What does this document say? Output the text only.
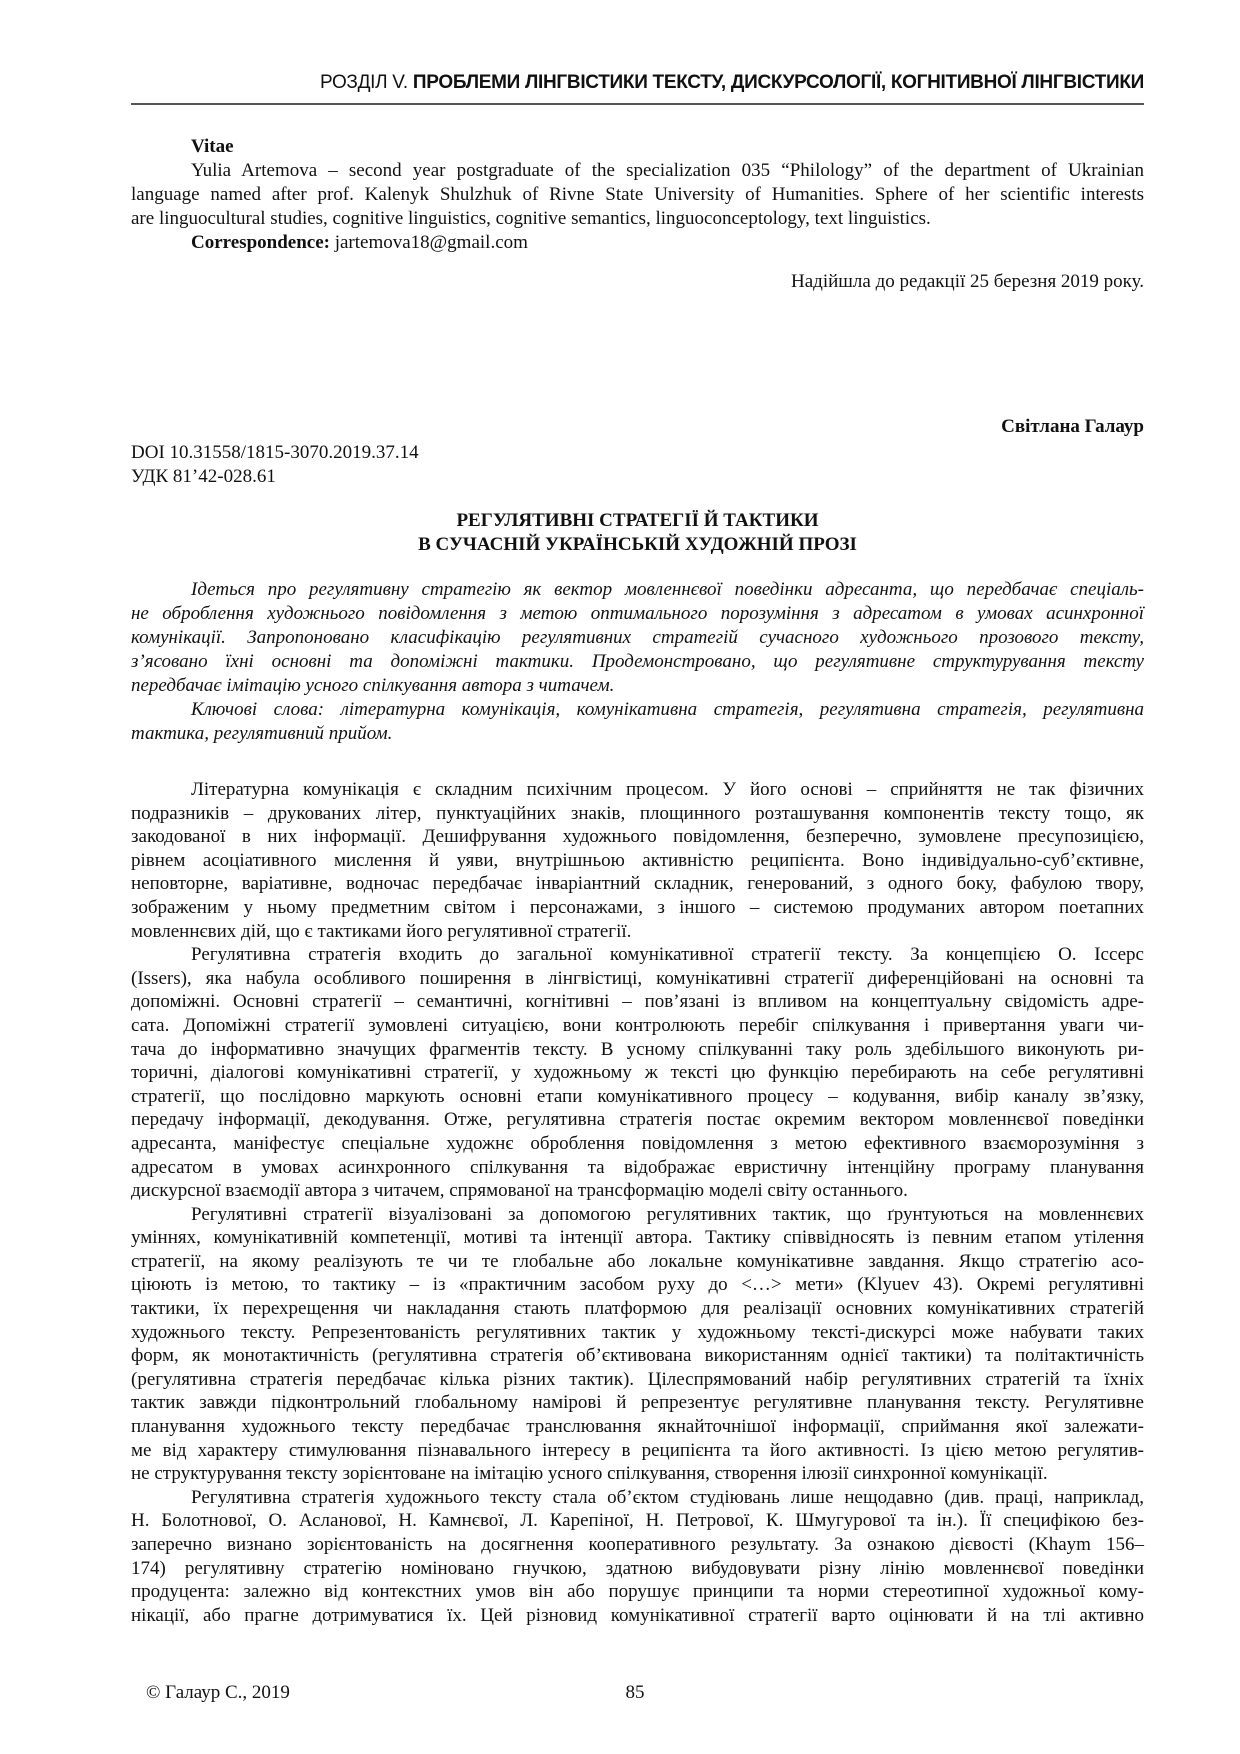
РОЗДІЛ V. ПРОБЛЕМИ ЛІНГВІСТИКИ ТЕКСТУ, ДИСКУРСОЛОГІЇ, КОГНІТИВНОЇ ЛІНГВІСТИКИ
Vitae
Yulia Artemova – second year postgraduate of the specialization 035 “Philology” of the department of Ukrainian
language named after prof. Kalenyk Shulzhuk of Rivne State University of Humanities. Sphere of her scientific interests
are linguocultural studies, cognitive linguistics, cognitive semantics, linguoconceptology, text linguistics.
Correspondence: jartemova18@gmail.com
Надійшла до редакції 25 березня 2019 року.
Світлана Галаур
DOI 10.31558/1815-3070.2019.37.14
УДК 81’42-028.61
РЕГУЛЯТИВНІ СТРАТЕГІЇ Й ТАКТИКИ
В СУЧАСНІЙ УКРАЇНСЬКІЙ ХУДОЖНІЙ ПРОЗІ
Ідеться про регулятивну стратегію як вектор мовленнєвої поведінки адресанта, що передбачає спеціаль-
не оброблення художнього повідомлення з метою оптимального порозуміння з адресатом в умовах асинхронної
комунікації. Запропоновано класифікацію регулятивних стратегій сучасного художнього прозового тексту,
з’ясовано їхні основні та допоміжні тактики. Продемонстровано, що регулятивне структурування тексту
передбачає імітацію усного спілкування автора з читачем.
Ключові слова: літературна комунікація, комунікативна стратегія, регулятивна стратегія, регулятивна
тактика, регулятивний прийом.
Літературна комунікація є складним психічним процесом. У його основі – сприйняття не так фізичних
подразників – друкованих літер, пунктуаційних знаків, площинного розташування компонентів тексту тощо, як
закодованої в них інформації. Дешифрування художнього повідомлення, безперечно, зумовлене пресупозицією,
рівнем асоціативного мислення й уяви, внутрішньою активністю реципієнта. Воно індивідуально-суб’єктивне,
неповторне, варіативне, водночас передбачає інваріантний складник, генерований, з одного боку, фабулою твору,
зображеним у ньому предметним світом і персонажами, з іншого – системою продуманих автором поетапних
мовленнєвих дій, що є тактиками його регулятивної стратегії.
Регулятивна стратегія входить до загальної комунікативної стратегії тексту. За концепцією О. Іссерс
(Issers), яка набула особливого поширення в лінгвістиці, комунікативні стратегії диференційовані на основні та
допоміжні. Основні стратегії – семантичні, когнітивні – пов’язані із впливом на концептуальну свідомість адре-
сата. Допоміжні стратегії зумовлені ситуацією, вони контролюють перебіг спілкування і привертання уваги чи-
тача до інформативно значущих фрагментів тексту. В усному спілкуванні таку роль здебільшого виконують ри-
торичні, діалогові комунікативні стратегії, у художньому ж тексті цю функцію перебирають на себе регулятивні
стратегії, що послідовно маркують основні етапи комунікативного процесу – кодування, вибір каналу зв’язку,
передачу інформації, декодування. Отже, регулятивна стратегія постає окремим вектором мовленнєвої поведінки
адресанта, маніфестує спеціальне художнє оброблення повідомлення з метою ефективного взаєморозуміння з
адресатом в умовах асинхронного спілкування та відображає евристичну інтенційну програму планування
дискурсної взаємодії автора з читачем, спрямованої на трансформацію моделі світу останнього.
Регулятивні стратегії візуалізовані за допомогою регулятивних тактик, що ґрунтуються на мовленнєвих
уміннях, комунікативній компетенції, мотиві та інтенції автора. Тактику співвідносять із певним етапом утілення
стратегії, на якому реалізують те чи те глобальне або локальне комунікативне завдання. Якщо стратегію асо-
ціюють із метою, то тактику – із «практичним засобом руху до <…> мети» (Klyuev 43). Окремі регулятивні
тактики, їх перехрещення чи накладання стають платформою для реалізації основних комунікативних стратегій
художнього тексту. Репрезентованість регулятивних тактик у художньому тексті-дискурсі може набувати таких
форм, як монотактичність (регулятивна стратегія об’єктивована використанням однієї тактики) та політактичність
(регулятивна стратегія передбачає кілька різних тактик). Цілеспрямований набір регулятивних стратегій та їхніх
тактик завжди підконтрольний глобальному намірові й репрезентує регулятивне планування тексту. Регулятивне
планування художнього тексту передбачає транслювання якнайточнішої інформації, сприймання якої залежати-
ме від характеру стимулювання пізнавального інтересу в реципієнта та його активності. Із цією метою регулятив-
не структурування тексту зорієнтоване на імітацію усного спілкування, створення ілюзії синхронної комунікації.
Регулятивна стратегія художнього тексту стала об’єктом студіювань лише нещодавно (див. праці, наприклад,
Н. Болотнової, О. Асланової, Н. Камнєвої, Л. Карепіної, Н. Петрової, К. Шмугурової та ін.). Її специфікою без-
заперечно визнано зорієнтованість на досягнення кооперативного результату. За ознакою дієвості (Khaym 156–
174) регулятивну стратегію номіновано гнучкою, здатною вибудовувати різну лінію мовленнєвої поведінки
продуцента: залежно від контекстних умов він або порушує принципи та норми стереотипної художньої кому-
нікації, або прагне дотримуватися їх. Цей різновид комунікативної стратегії варто оцінювати й на тлі активно
© Галаур С., 2019	85
